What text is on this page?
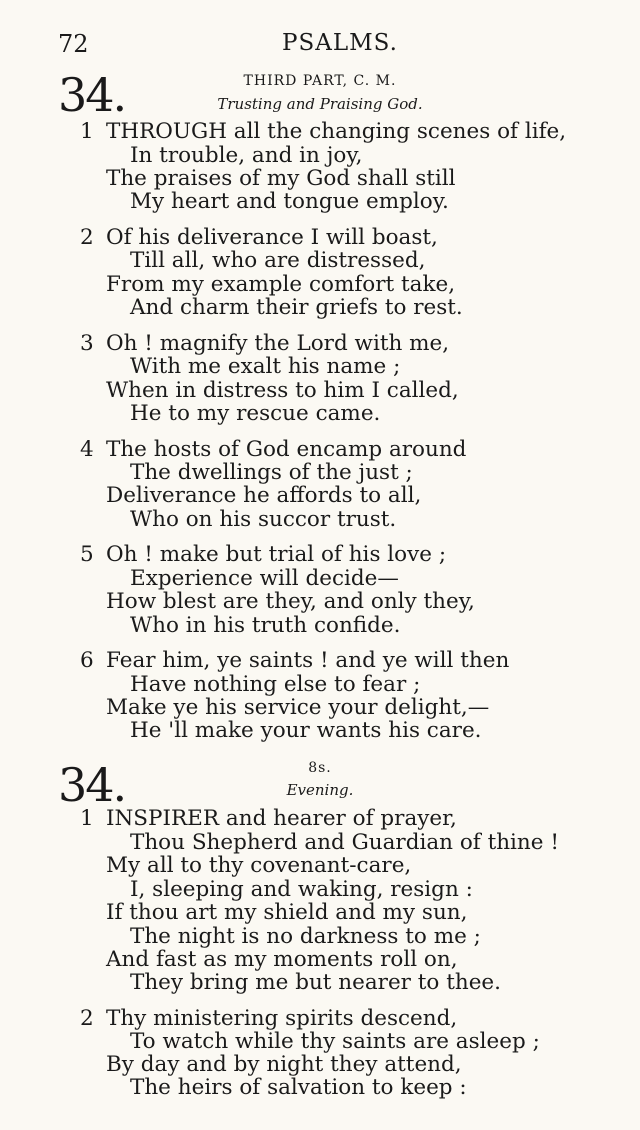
72	PSALMS.
34.	THIRD PART, C. M.
Trusting and Praising God.
1 THROUGH all the changing scenes of life,
In trouble, and in joy,
The praises of my God shall still
My heart and tongue employ.
2 Of his deliverance I will boast,
Till all, who are distressed,
From my example comfort take,
And charm their griefs to rest.
3 Oh ! magnify the Lord with me,
With me exalt his name ;
When in distress to him I called,
He to my rescue came.
4 The hosts of God encamp around
The dwellings of the just ;
Deliverance he affords to all,
Who on his succor trust.
5 Oh ! make but trial of his love ;
Experience will decide—
How blest are they, and only they,
Who in his truth confide.
6 Fear him, ye saints ! and ye will then
Have nothing else to fear ;
Make ye his service your delight,—
He 'll make your wants his care.
34.	8s.
Evening.
1 INSPIRER and hearer of prayer,
Thou Shepherd and Guardian of thine !
My all to thy covenant-care,
I, sleeping and waking, resign :
If thou art my shield and my sun,
The night is no darkness to me ;
And fast as my moments roll on,
They bring me but nearer to thee.
2 Thy ministering spirits descend,
To watch while thy saints are asleep ;
By day and by night they attend,
The heirs of salvation to keep :
